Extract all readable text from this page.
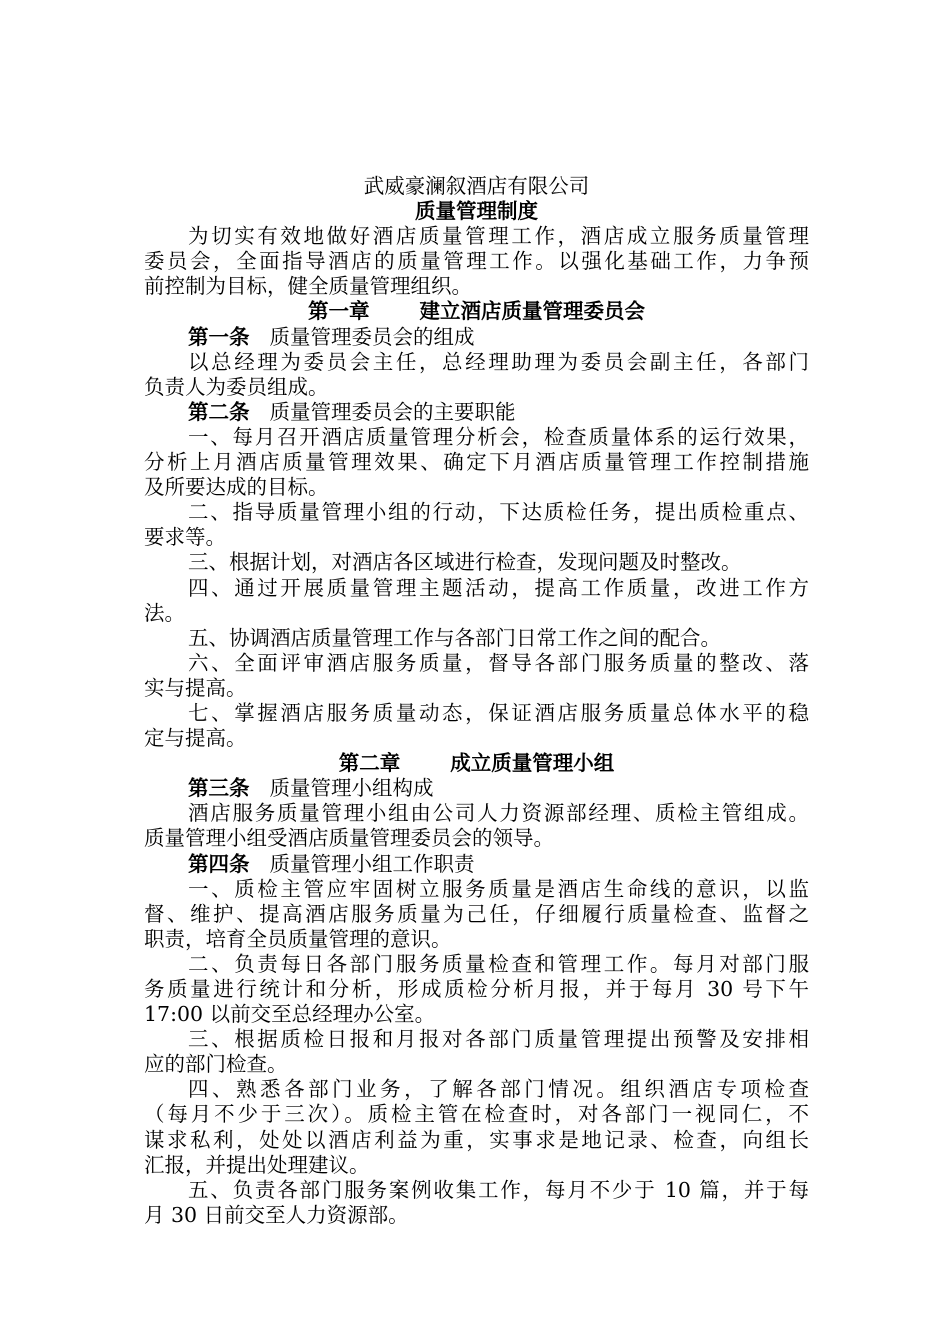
武威豪澜叙酒店有限公司
质量管理制度
为切实有效地做好酒店质量管理工作，酒店成立服务质量管理
委员会，全面指导酒店的质量管理工作。以强化基础工作，力争预
前控制为目标，健全质量管理组织。
第一章 建立酒店质量管理委员会
第一条 质量管理委员会的组成
以总经理为委员会主任，总经理助理为委员会副主任，各部门
负责人为委员组成。
第二条 质量管理委员会的主要职能
一、每月召开酒店质量管理分析会，检查质量体系的运行效果，
分析上月酒店质量管理效果、确定下月酒店质量管理工作控制措施
及所要达成的目标。
二、指导质量管理小组的行动，下达质检任务，提出质检重点、
要求等。
三、根据计划，对酒店各区域进行检查，发现问题及时整改。
四、通过开展质量管理主题活动，提高工作质量，改进工作方
法。
五、协调酒店质量管理工作与各部门日常工作之间的配合。
六、全面评审酒店服务质量，督导各部门服务质量的整改、落
实与提高。
七、掌握酒店服务质量动态，保证酒店服务质量总体水平的稳
定与提高。
第二章 成立质量管理小组
第三条 质量管理小组构成
酒店服务质量管理小组由公司人力资源部经理、质检主管组成。
质量管理小组受酒店质量管理委员会的领导。
第四条 质量管理小组工作职责
一、质检主管应牢固树立服务质量是酒店生命线的意识，以监
督、维护、提高酒店服务质量为己任，仔细履行质量检查、监督之
职责，培育全员质量管理的意识。
二、负责每日各部门服务质量检查和管理工作。每月对部门服
务质量进行统计和分析，形成质检分析月报，并于每月 30 号下午
17:00 以前交至总经理办公室。
三、根据质检日报和月报对各部门质量管理提出预警及安排相
应的部门检查。
四、熟悉各部门业务，了解各部门情况。组织酒店专项检查
（每月不少于三次）。质检主管在检查时，对各部门一视同仁，不
谋求私利，处处以酒店利益为重，实事求是地记录、检查，向组长
汇报，并提出处理建议。
五、负责各部门服务案例收集工作，每月不少于 10 篇，并于每
月 30 日前交至人力资源部。
